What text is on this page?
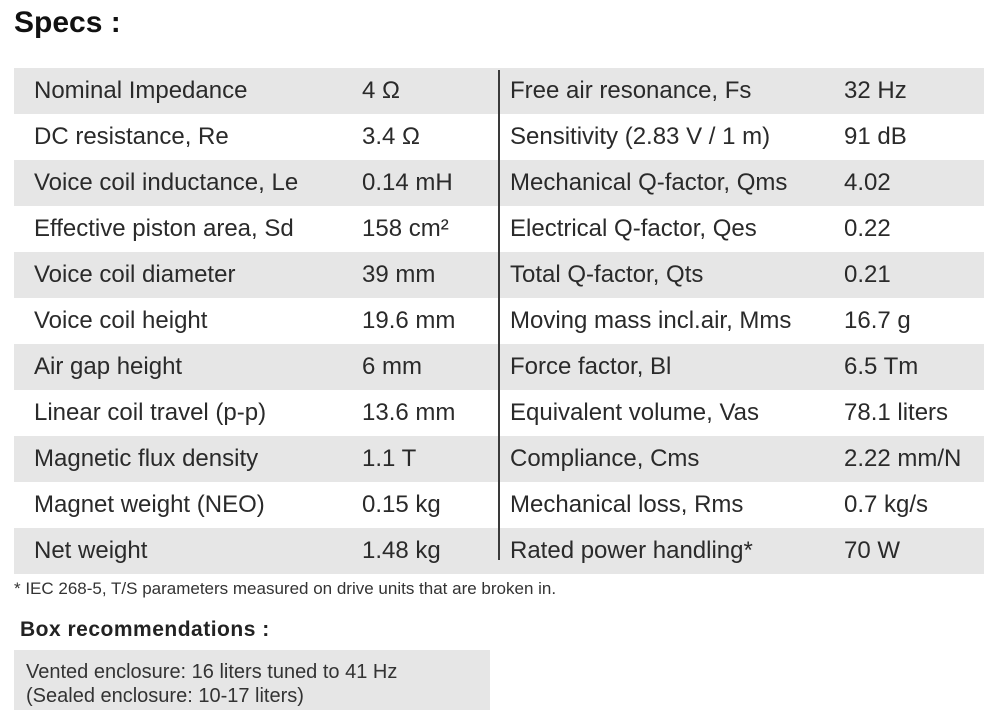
Specs :
Nominal Impedance	4 Ω	Free air resonance, Fs	32 Hz
DC resistance, Re	3.4 Ω	Sensitivity (2.83 V / 1 m)	91 dB
Voice coil inductance, Le	0.14 mH	Mechanical Q-factor, Qms	4.02
Effective piston area, Sd	158 cm²	Electrical Q-factor, Qes	0.22
Voice coil diameter	39 mm	Total Q-factor, Qts	0.21
Voice coil height	19.6 mm	Moving mass incl.air, Mms	16.7 g
Air gap height	6 mm	Force factor, Bl	6.5 Tm
Linear coil travel (p-p)	13.6 mm	Equivalent volume, Vas	78.1 liters
Magnetic flux density	1.1 T	Compliance, Cms	2.22 mm/N
Magnet weight (NEO)	0.15 kg	Mechanical loss, Rms	0.7 kg/s
Net weight	1.48 kg	Rated power handling*	70 W
* IEC 268-5, T/S parameters measured on drive units that are broken in.
Box recommendations :
Vented enclosure: 16 liters tuned to 41 Hz
(Sealed enclosure: 10-17 liters)
